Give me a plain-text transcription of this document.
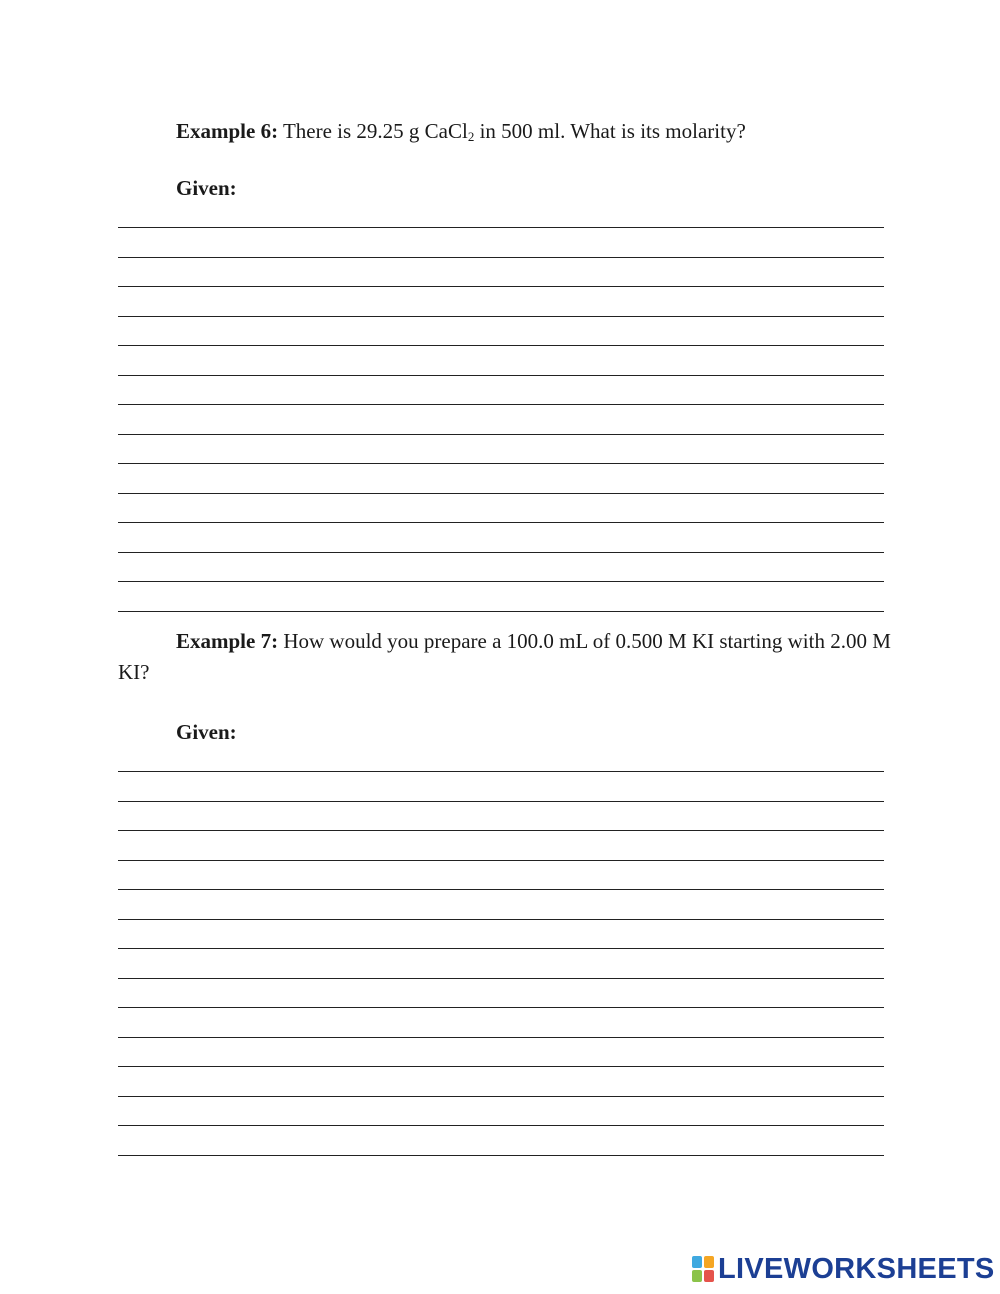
Example 6: There is 29.25 g CaCl$_2$ in 500 ml. What is its molarity?

Given:

Example 7: How would you prepare a 100.0 mL of 0.500 M KI starting with 2.00 M KI?

Given:

LIVEWORKSHEETS
